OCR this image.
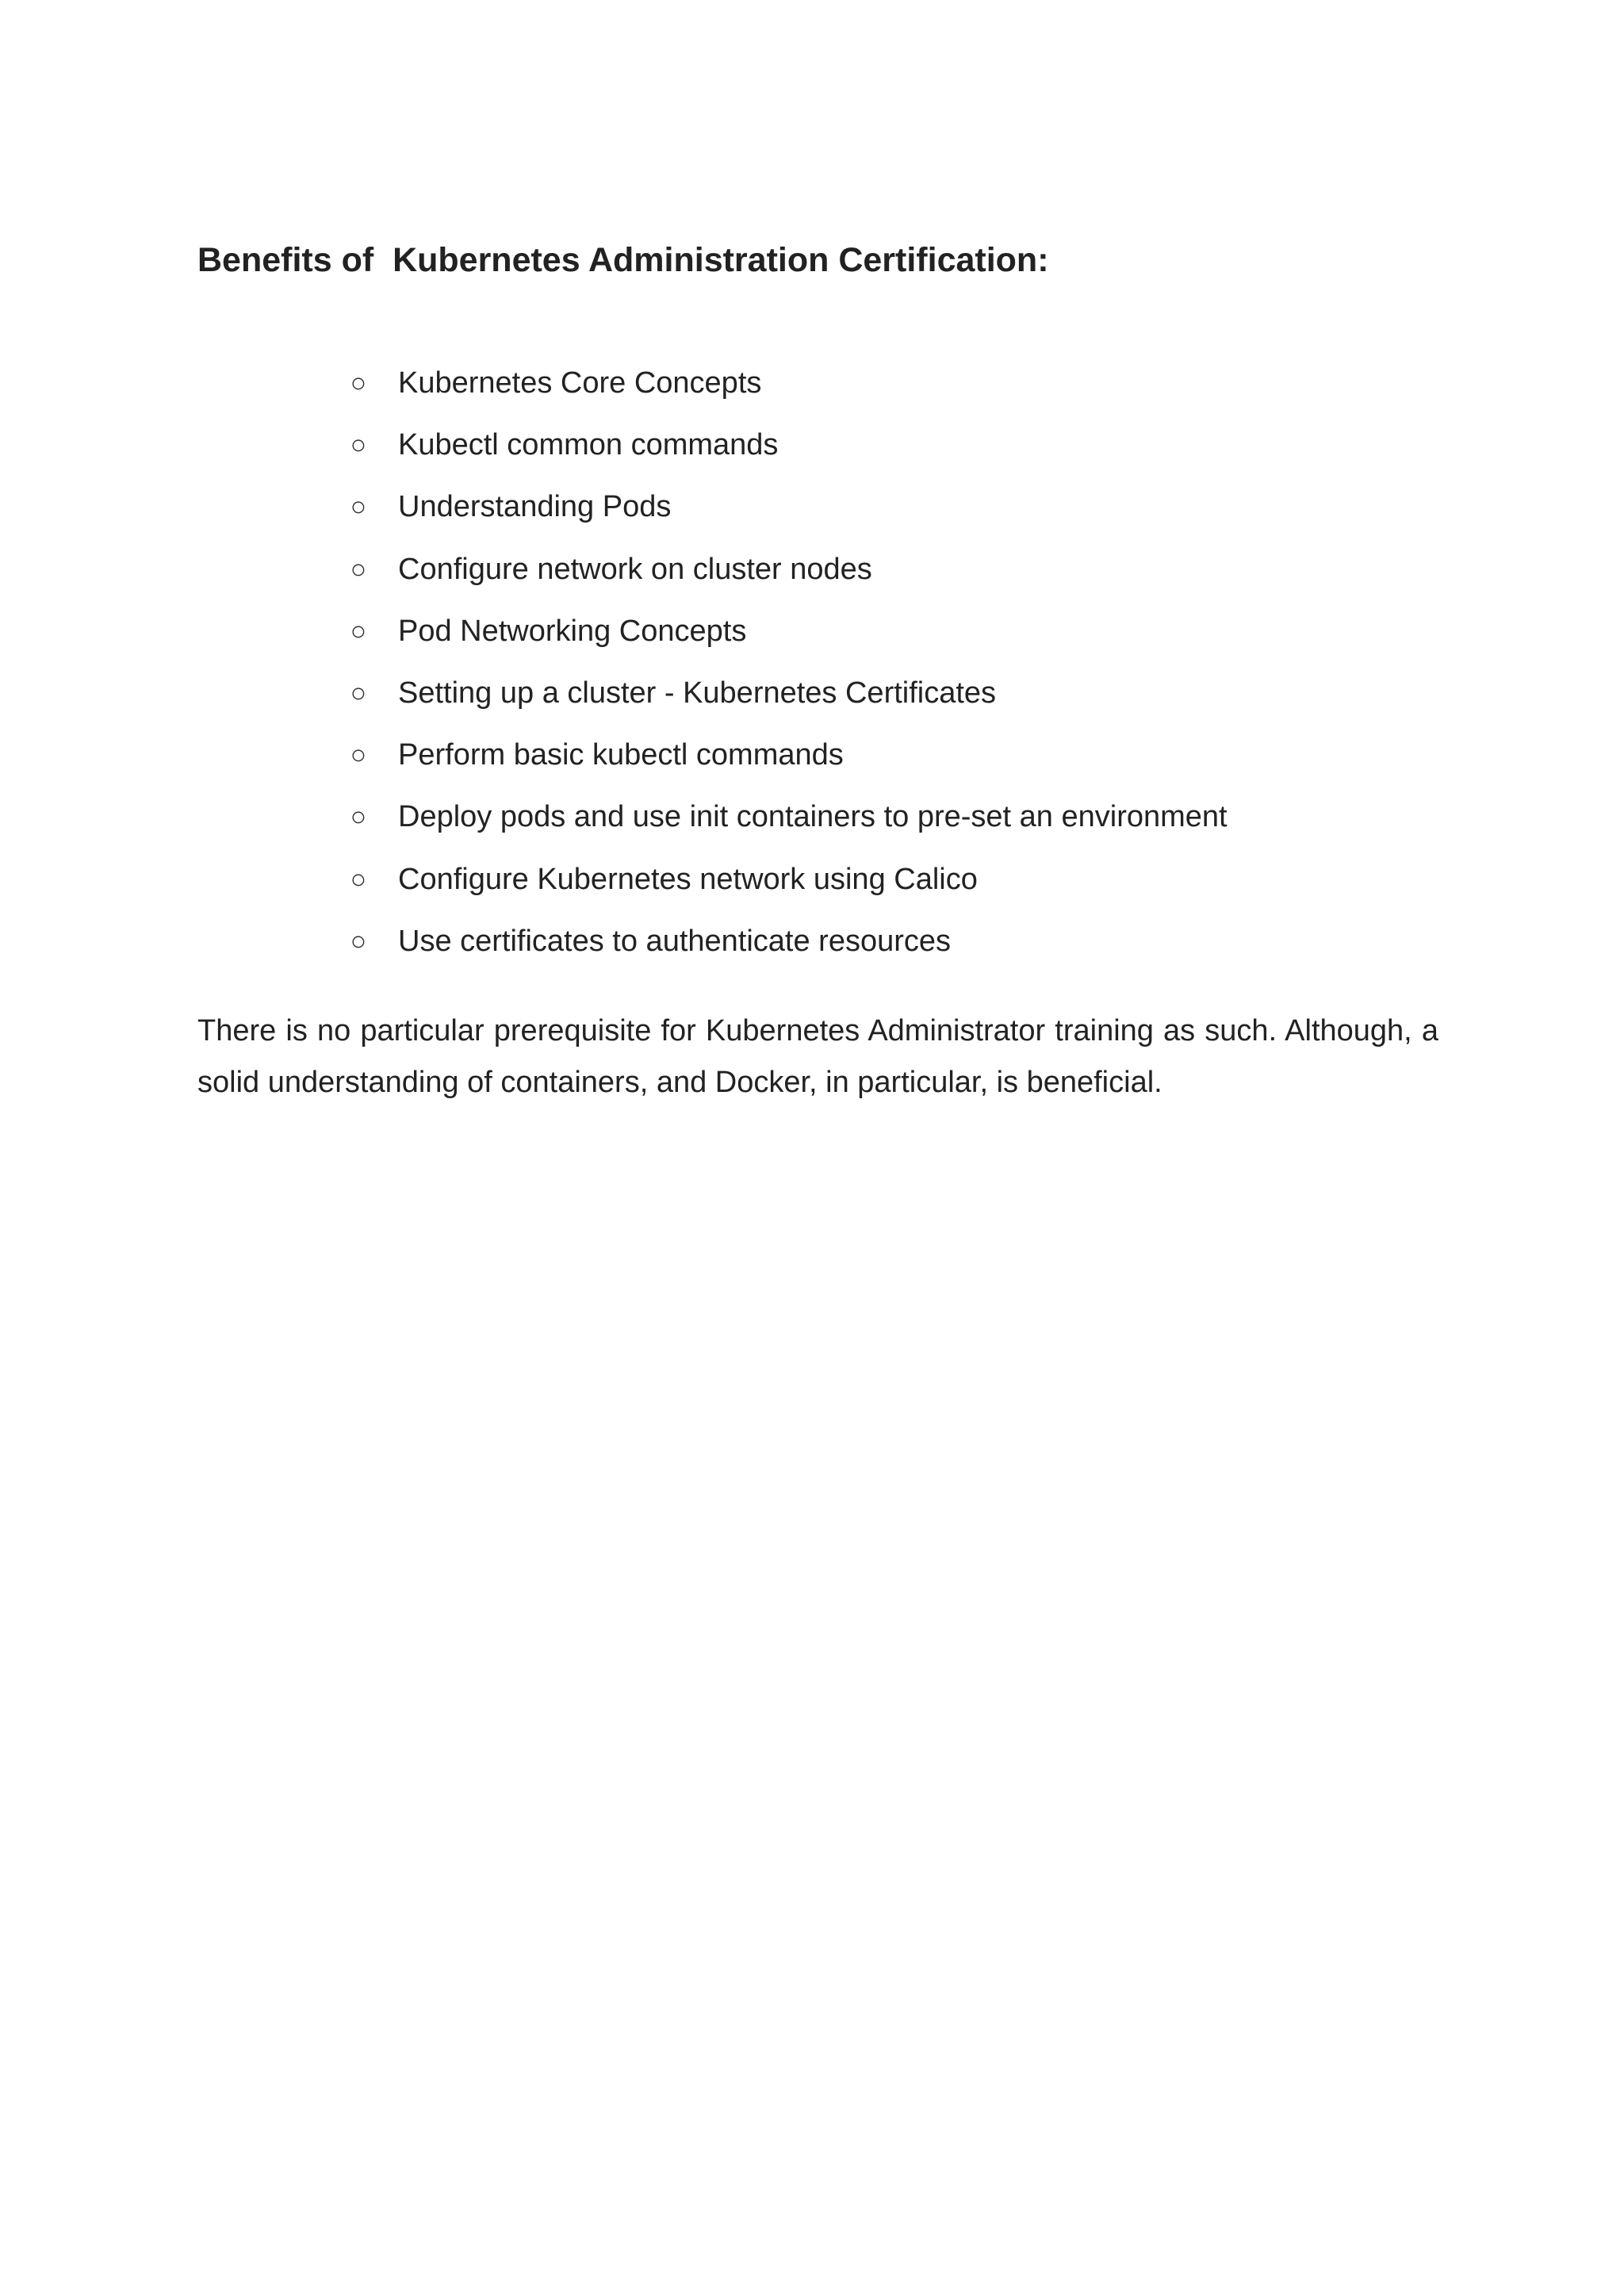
Benefits of  Kubernetes Administration Certification:
○ Kubernetes Core Concepts
○ Kubectl common commands
○ Understanding Pods
○ Configure network on cluster nodes
○ Pod Networking Concepts
○ Setting up a cluster - Kubernetes Certificates
○ Perform basic kubectl commands
○ Deploy pods and use init containers to pre-set an environment
○ Configure Kubernetes network using Calico
○ Use certificates to authenticate resources

There is no particular prerequisite for Kubernetes Administrator training as such. Although, a solid understanding of containers, and Docker, in particular, is beneficial.
